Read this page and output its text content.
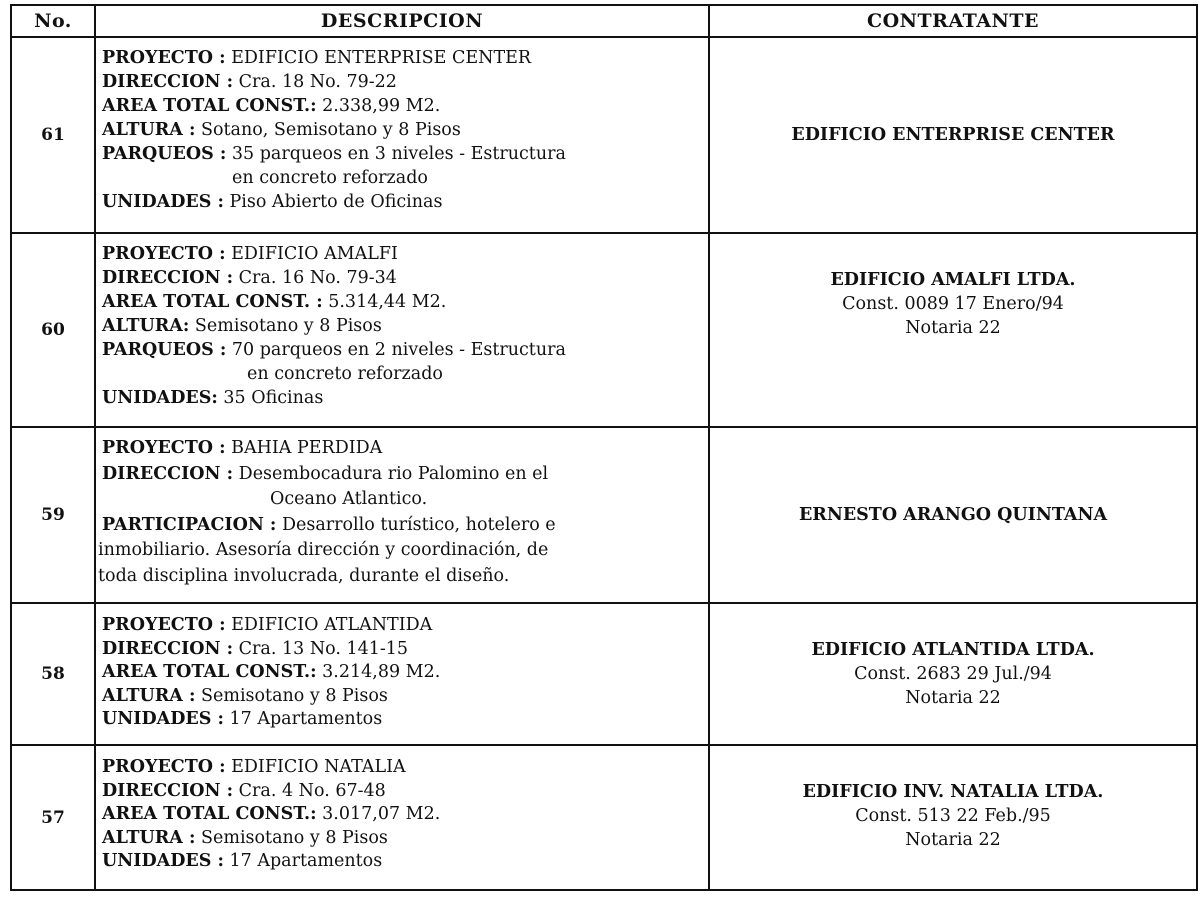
No.	DESCRIPCION	CONTRATANTE
61
PROYECTO : EDIFICIO ENTERPRISE CENTER
DIRECCION : Cra. 18 No. 79-22
AREA TOTAL CONST.: 2.338,99 M2.
ALTURA : Sotano, Semisotano y 8 Pisos
PARQUEOS : 35 parqueos en 3 niveles - Estructura
en concreto reforzado
UNIDADES : Piso Abierto de Oficinas
EDIFICIO ENTERPRISE CENTER
60
PROYECTO : EDIFICIO AMALFI
DIRECCION : Cra. 16 No. 79-34
AREA TOTAL CONST. : 5.314,44 M2.
ALTURA: Semisotano y 8 Pisos
PARQUEOS : 70 parqueos en 2 niveles - Estructura
en concreto reforzado
UNIDADES: 35 Oficinas
EDIFICIO AMALFI LTDA.
Const. 0089 17 Enero/94
Notaria 22
59
PROYECTO : BAHIA PERDIDA
DIRECCION : Desembocadura rio Palomino en el
Oceano Atlantico.
PARTICIPACION : Desarrollo turístico, hotelero e
inmobiliario. Asesoría dirección y coordinación, de
toda disciplina involucrada, durante el diseño.
ERNESTO ARANGO QUINTANA
58
PROYECTO : EDIFICIO ATLANTIDA
DIRECCION : Cra. 13 No. 141-15
AREA TOTAL CONST.: 3.214,89 M2.
ALTURA : Semisotano y 8 Pisos
UNIDADES : 17 Apartamentos
EDIFICIO ATLANTIDA LTDA.
Const. 2683 29 Jul./94
Notaria 22
57
PROYECTO : EDIFICIO NATALIA
DIRECCION : Cra. 4 No. 67-48
AREA TOTAL CONST.: 3.017,07 M2.
ALTURA : Semisotano y 8 Pisos
UNIDADES : 17 Apartamentos
EDIFICIO INV. NATALIA LTDA.
Const. 513 22 Feb./95
Notaria 22
